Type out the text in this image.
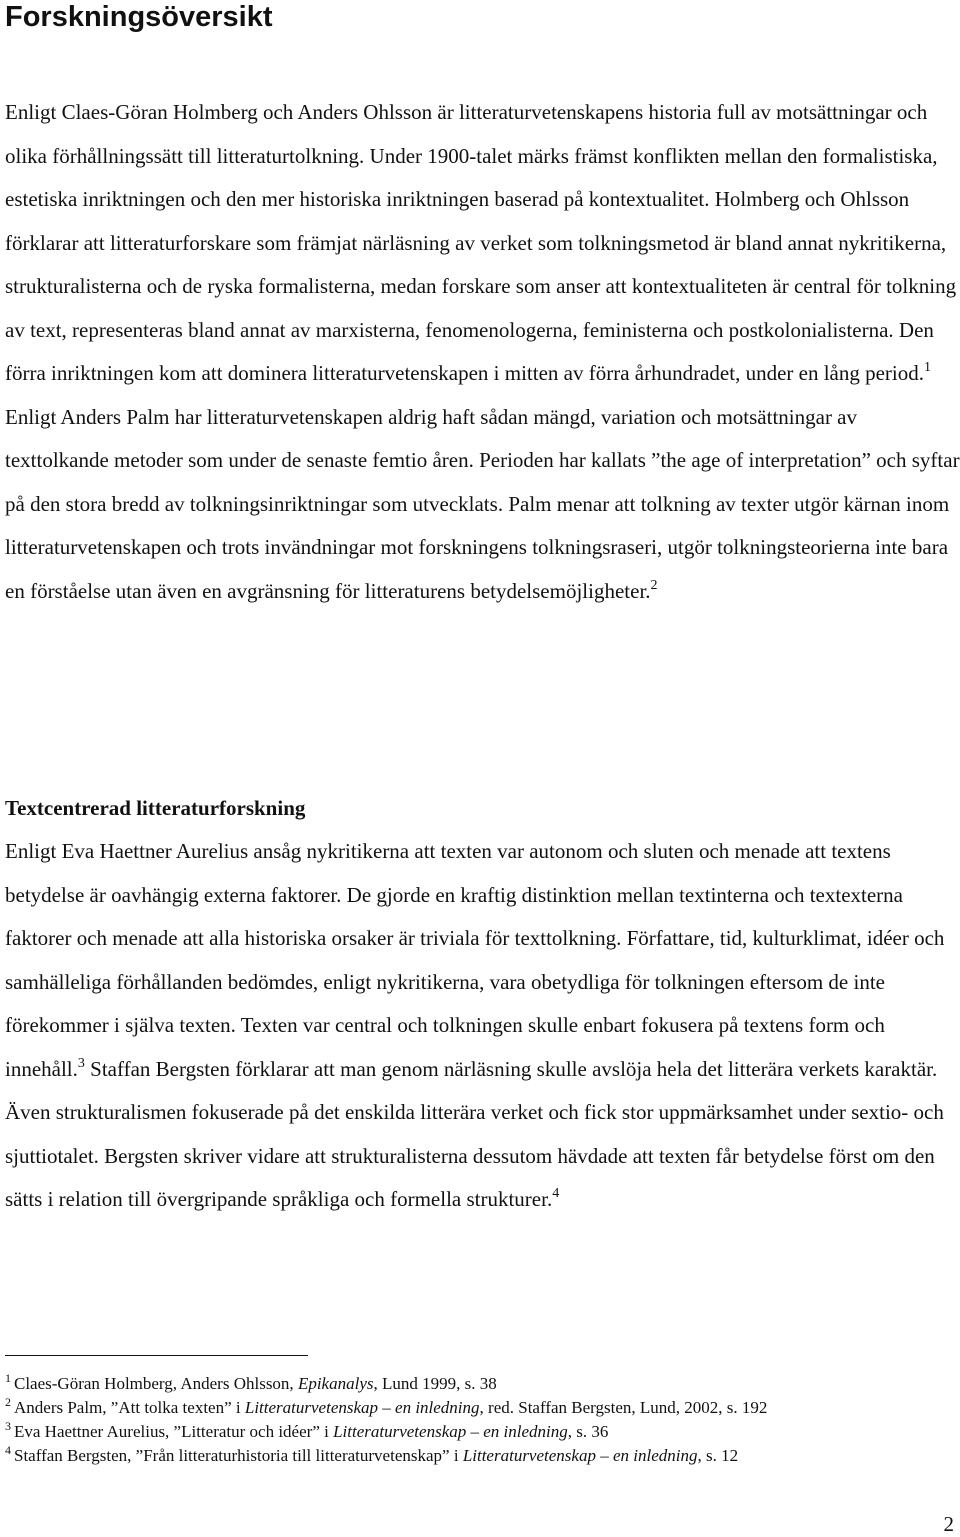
Forskningsöversikt

Enligt Claes-Göran Holmberg och Anders Ohlsson är litteraturvetenskapens historia full av motsättningar och olika förhållningssätt till litteraturtolkning. Under 1900-talet märks främst konflikten mellan den formalistiska, estetiska inriktningen och den mer historiska inriktningen baserad på kontextualitet. Holmberg och Ohlsson förklarar att litteraturforskare som främjat närläsning av verket som tolkningsmetod är bland annat nykritikerna, strukturalisterna och de ryska formalisterna, medan forskare som anser att kontextualiteten är central för tolkning av text, representeras bland annat av marxisterna, fenomenologerna, feministerna och postkolonialisterna. Den förra inriktningen kom att dominera litteraturvetenskapen i mitten av förra århundradet, under en lång period.$^1$ Enligt Anders Palm har litteraturvetenskapen aldrig haft sådan mängd, variation och motsättningar av texttolkande metoder som under de senaste femtio åren. Perioden har kallats ”the age of interpretation” och syftar på den stora bredd av tolkningsinriktningar som utvecklats. Palm menar att tolkning av texter utgör kärnan inom litteraturvetenskapen och trots invändningar mot forskningens tolkningsraseri, utgör tolkningsteorierna inte bara en förståelse utan även en avgränsning för litteraturens betydelsemöjligheter.$^2$

Textcentrerad litteraturforskning

Enligt Eva Haettner Aurelius ansåg nykritikerna att texten var autonom och sluten och menade att textens betydelse är oavhängig externa faktorer. De gjorde en kraftig distinktion mellan textinterna och textexterna faktorer och menade att alla historiska orsaker är triviala för texttolkning. Författare, tid, kulturklimat, idéer och samhälleliga förhållanden bedömdes, enligt nykritikerna, vara obetydliga för tolkningen eftersom de inte förekommer i själva texten. Texten var central och tolkningen skulle enbart fokusera på textens form och innehåll.$^3$ Staffan Bergsten förklarar att man genom närläsning skulle avslöja hela det litterära verkets karaktär. Även strukturalismen fokuserade på det enskilda litterära verket och fick stor uppmärksamhet under sextio- och sjuttiotalet. Bergsten skriver vidare att strukturalisterna dessutom hävdade att texten får betydelse först om den sätts i relation till övergripande språkliga och formella strukturer.$^4$

$^1$ Claes-Göran Holmberg, Anders Ohlsson, Epikanalys, Lund 1999, s. 38
$^2$ Anders Palm, ”Att tolka texten” i Litteraturvetenskap – en inledning, red. Staffan Bergsten, Lund, 2002, s. 192
$^3$ Eva Haettner Aurelius, ”Litteratur och idéer” i Litteraturvetenskap – en inledning, s. 36
$^4$ Staffan Bergsten, ”Från litteraturhistoria till litteraturvetenskap” i Litteraturvetenskap – en inledning, s. 12
2
